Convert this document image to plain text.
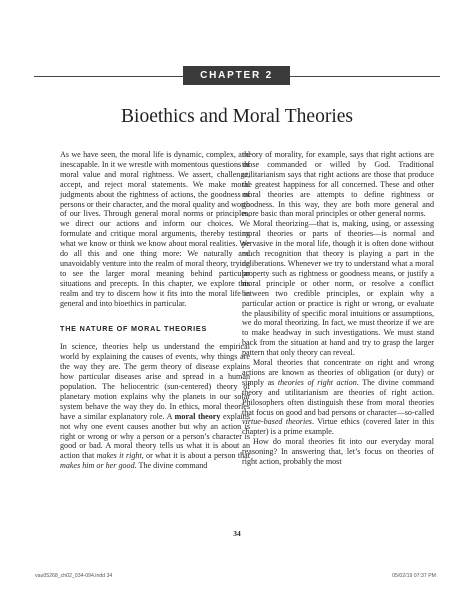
CHAPTER 2
Bioethics and Moral Theories

As we have seen, the moral life is dynamic, complex, and inescapable. In it we wrestle with momentous questions of moral value and moral rightness. We assert, challenge, accept, and reject moral statements. We make moral judgments about the rightness of actions, the goodness of persons or their character, and the moral quality and worth of our lives. Through general moral norms or principles, we direct our actions and inform our choices. We formulate and critique moral arguments, thereby testing what we know or think we know about moral realities. We do all this and one thing more: We naturally and unavoidably venture into the realm of moral theory, trying to see the larger moral meaning behind particular situations and precepts. In this chapter, we explore this realm and try to discern how it fits into the moral life in general and into bioethics in particular.

THE NATURE OF MORAL THEORIES

In science, theories help us understand the empirical world by explaining the causes of events, why things are the way they are. The germ theory of disease explains how particular diseases arise and spread in a human population. The heliocentric (sun-centered) theory of planetary motion explains why the planets in our solar system behave the way they do. In ethics, moral theories have a similar explanatory role. A moral theory explains not why one event causes another but why an action is right or wrong or why a person or a person’s character is good or bad. A moral theory tells us what it is about an action that makes it right, or what it is about a person that makes him or her good. The divine command

theory of morality, for example, says that right actions are those commanded or willed by God. Traditional utilitarianism says that right actions are those that produce the greatest happiness for all concerned. These and other moral theories are attempts to define rightness or goodness. In this way, they are both more general and more basic than moral principles or other general norms.

Moral theorizing—that is, making, using, or assessing moral theories or parts of theories—is normal and pervasive in the moral life, though it is often done without much recognition that theory is playing a part in the deliberations. Whenever we try to understand what a moral property such as rightness or goodness means, or justify a moral principle or other norm, or resolve a conflict between two credible principles, or explain why a particular action or practice is right or wrong, or evaluate the plausibility of specific moral intuitions or assumptions, we do moral theorizing. In fact, we must theorize if we are to make headway in such investigations. We must stand back from the situation at hand and try to grasp the larger pattern that only theory can reveal.

Moral theories that concentrate on right and wrong actions are known as theories of obligation (or duty) or simply as theories of right action. The divine command theory and utilitarianism are theories of right action. Philosophers often distinguish these from moral theories that focus on good and bad persons or character—so-called virtue-based theories. Virtue ethics (covered later in this chapter) is a prime example.

How do moral theories fit into our everyday moral reasoning? In answering that, let’s focus on theories of right action, probably the most

34
vau05268_ch02_034-094.indd 34	05/02/19 07:37 PM
